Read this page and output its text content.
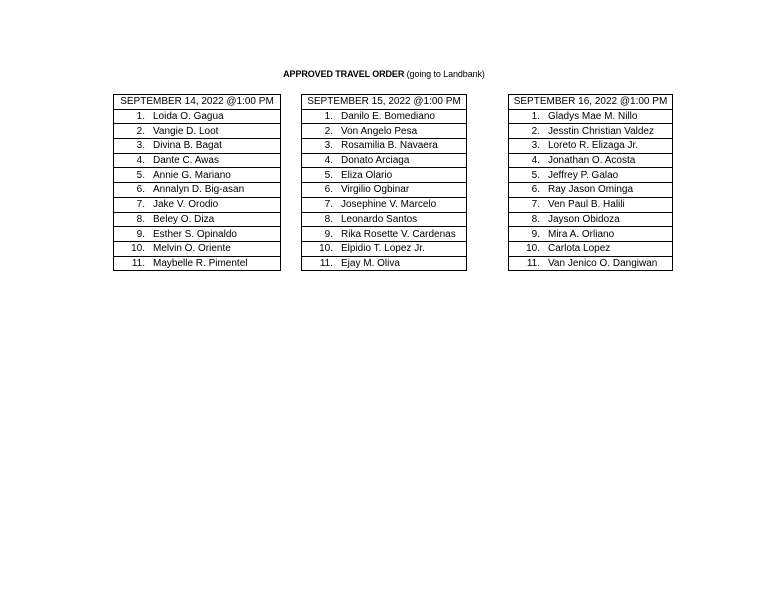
APPROVED TRAVEL ORDER (going to Landbank)
SEPTEMBER 14, 2022 @1:00 PM
1. Loida O. Gagua
2. Vangie D. Loot
3. Divina B. Bagat
4. Dante C. Awas
5. Annie G. Mariano
6. Annalyn D. Big-asan
7. Jake V. Orodio
8. Beley O. Diza
9. Esther S. Opinaldo
10. Melvin O. Oriente
11. Maybelle R. Pimentel
SEPTEMBER 15, 2022 @1:00 PM
1. Danilo E. Bomediano
2. Von Angelo Pesa
3. Rosamilia B. Navaera
4. Donato Arciaga
5. Eliza Olario
6. Virgilio Ogbinar
7. Josephine V. Marcelo
8. Leonardo Santos
9. Rika Rosette V. Cardenas
10. Elpidio T. Lopez Jr.
11. Ejay M. Oliva
SEPTEMBER 16, 2022 @1:00 PM
1. Gladys Mae M. Nillo
2. Jesstin Christian Valdez
3. Loreto R. Elizaga Jr.
4. Jonathan O. Acosta
5. Jeffrey P. Galao
6. Ray Jason Ominga
7. Ven Paul B. Halili
8. Jayson Obidoza
9. Mira A. Orliano
10. Carlota Lopez
11. Van Jenico O. Dangiwan
